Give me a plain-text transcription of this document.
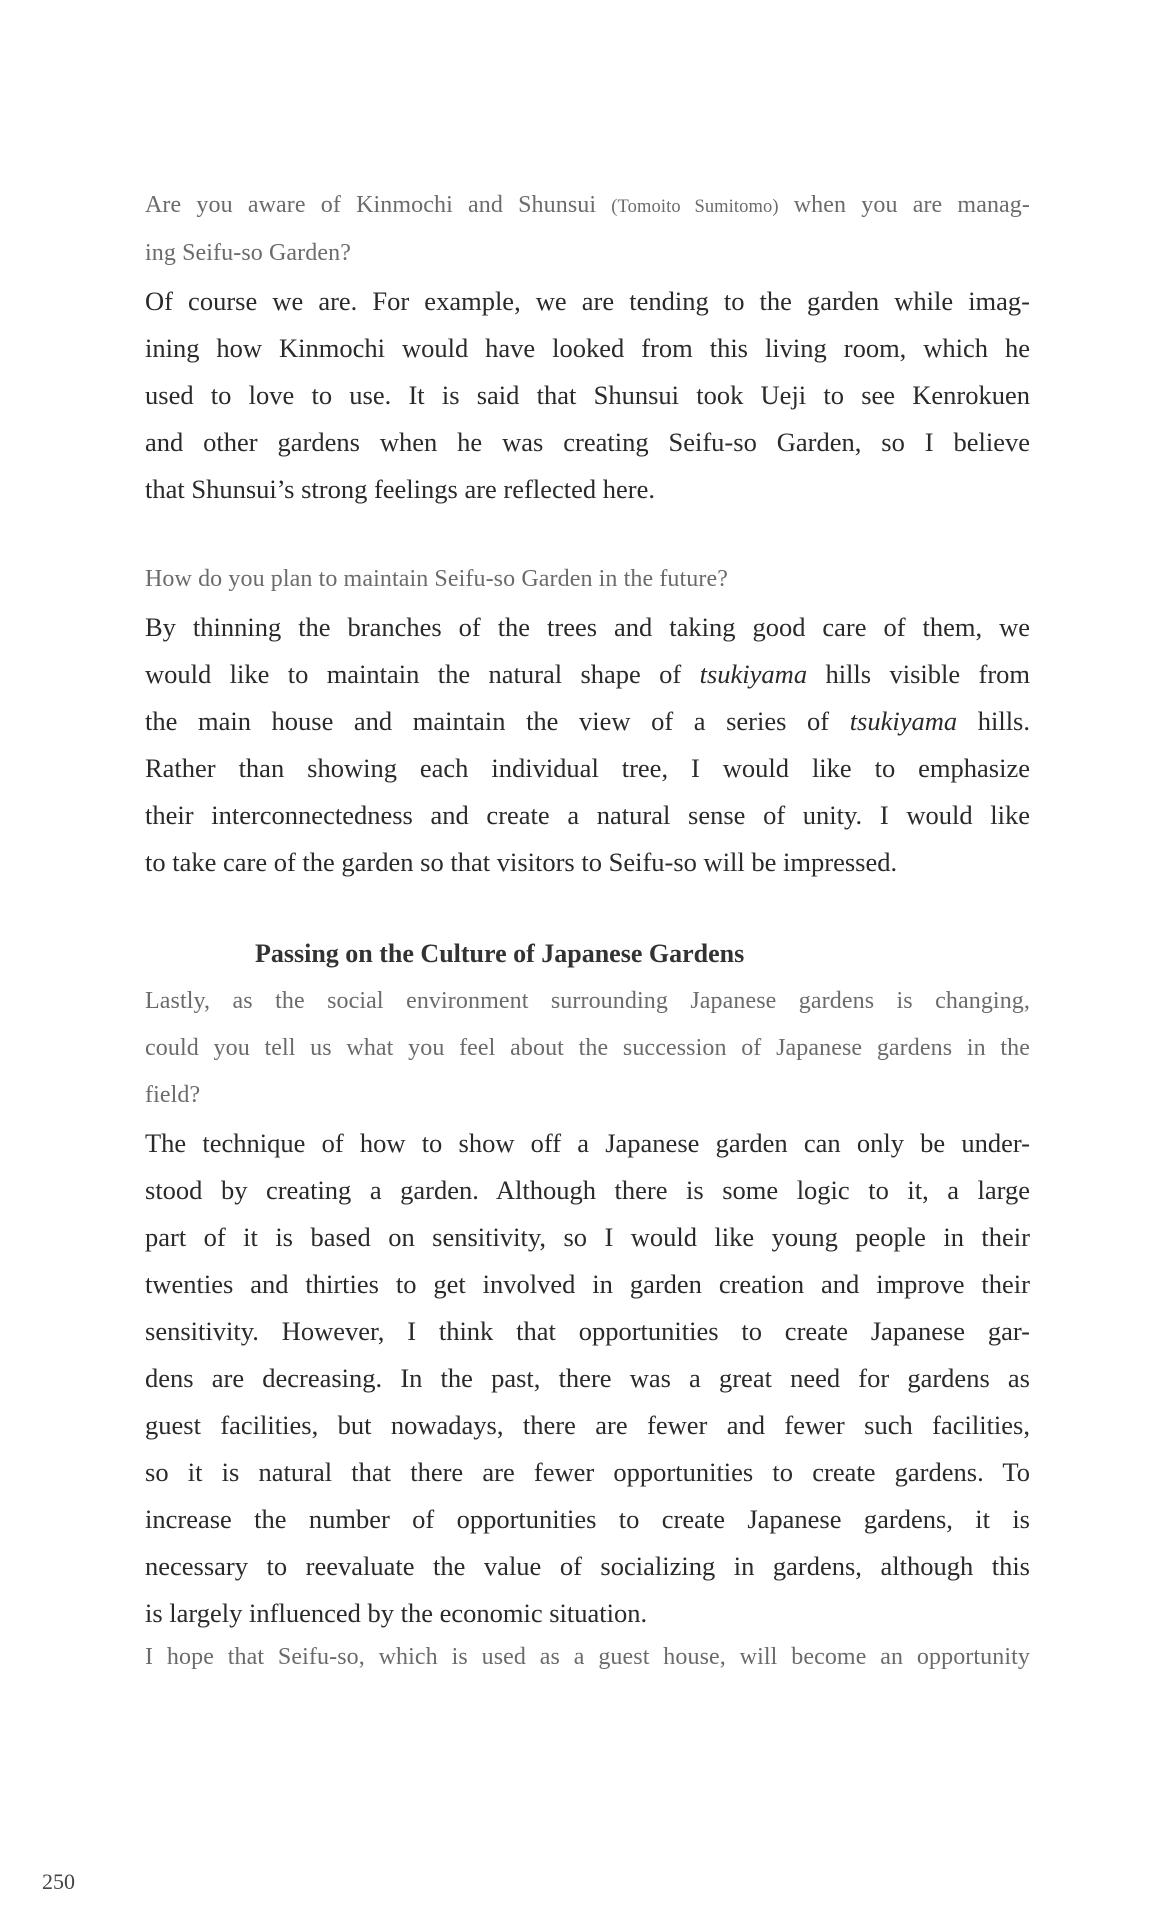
Are you aware of Kinmochi and Shunsui (Tomoito Sumitomo) when you are manag-

ing Seifu-so Garden?

Of course we are. For example, we are tending to the garden while imag-

ining how Kinmochi would have looked from this living room, which he

used to love to use. It is said that Shunsui took Ueji to see Kenrokuen

and other gardens when he was creating Seifu-so Garden, so I believe

that Shunsui’s strong feelings are reflected here.

How do you plan to maintain Seifu-so Garden in the future?

By thinning the branches of the trees and taking good care of them, we

would like to maintain the natural shape of tsukiyama hills visible from

the main house and maintain the view of a series of tsukiyama hills.

Rather than showing each individual tree, I would like to emphasize

their interconnectedness and create a natural sense of unity. I would like

to take care of the garden so that visitors to Seifu-so will be impressed.

Passing on the Culture of Japanese Gardens

Lastly, as the social environment surrounding Japanese gardens is changing,

could you tell us what you feel about the succession of Japanese gardens in the

field?

The technique of how to show off a Japanese garden can only be under-

stood by creating a garden. Although there is some logic to it, a large

part of it is based on sensitivity, so I would like young people in their

twenties and thirties to get involved in garden creation and improve their

sensitivity. However, I think that opportunities to create Japanese gar-

dens are decreasing. In the past, there was a great need for gardens as

guest facilities, but nowadays, there are fewer and fewer such facilities,

so it is natural that there are fewer opportunities to create gardens. To

increase the number of opportunities to create Japanese gardens, it is

necessary to reevaluate the value of socializing in gardens, although this

is largely influenced by the economic situation.

I hope that Seifu-so, which is used as a guest house, will become an opportunity

250
